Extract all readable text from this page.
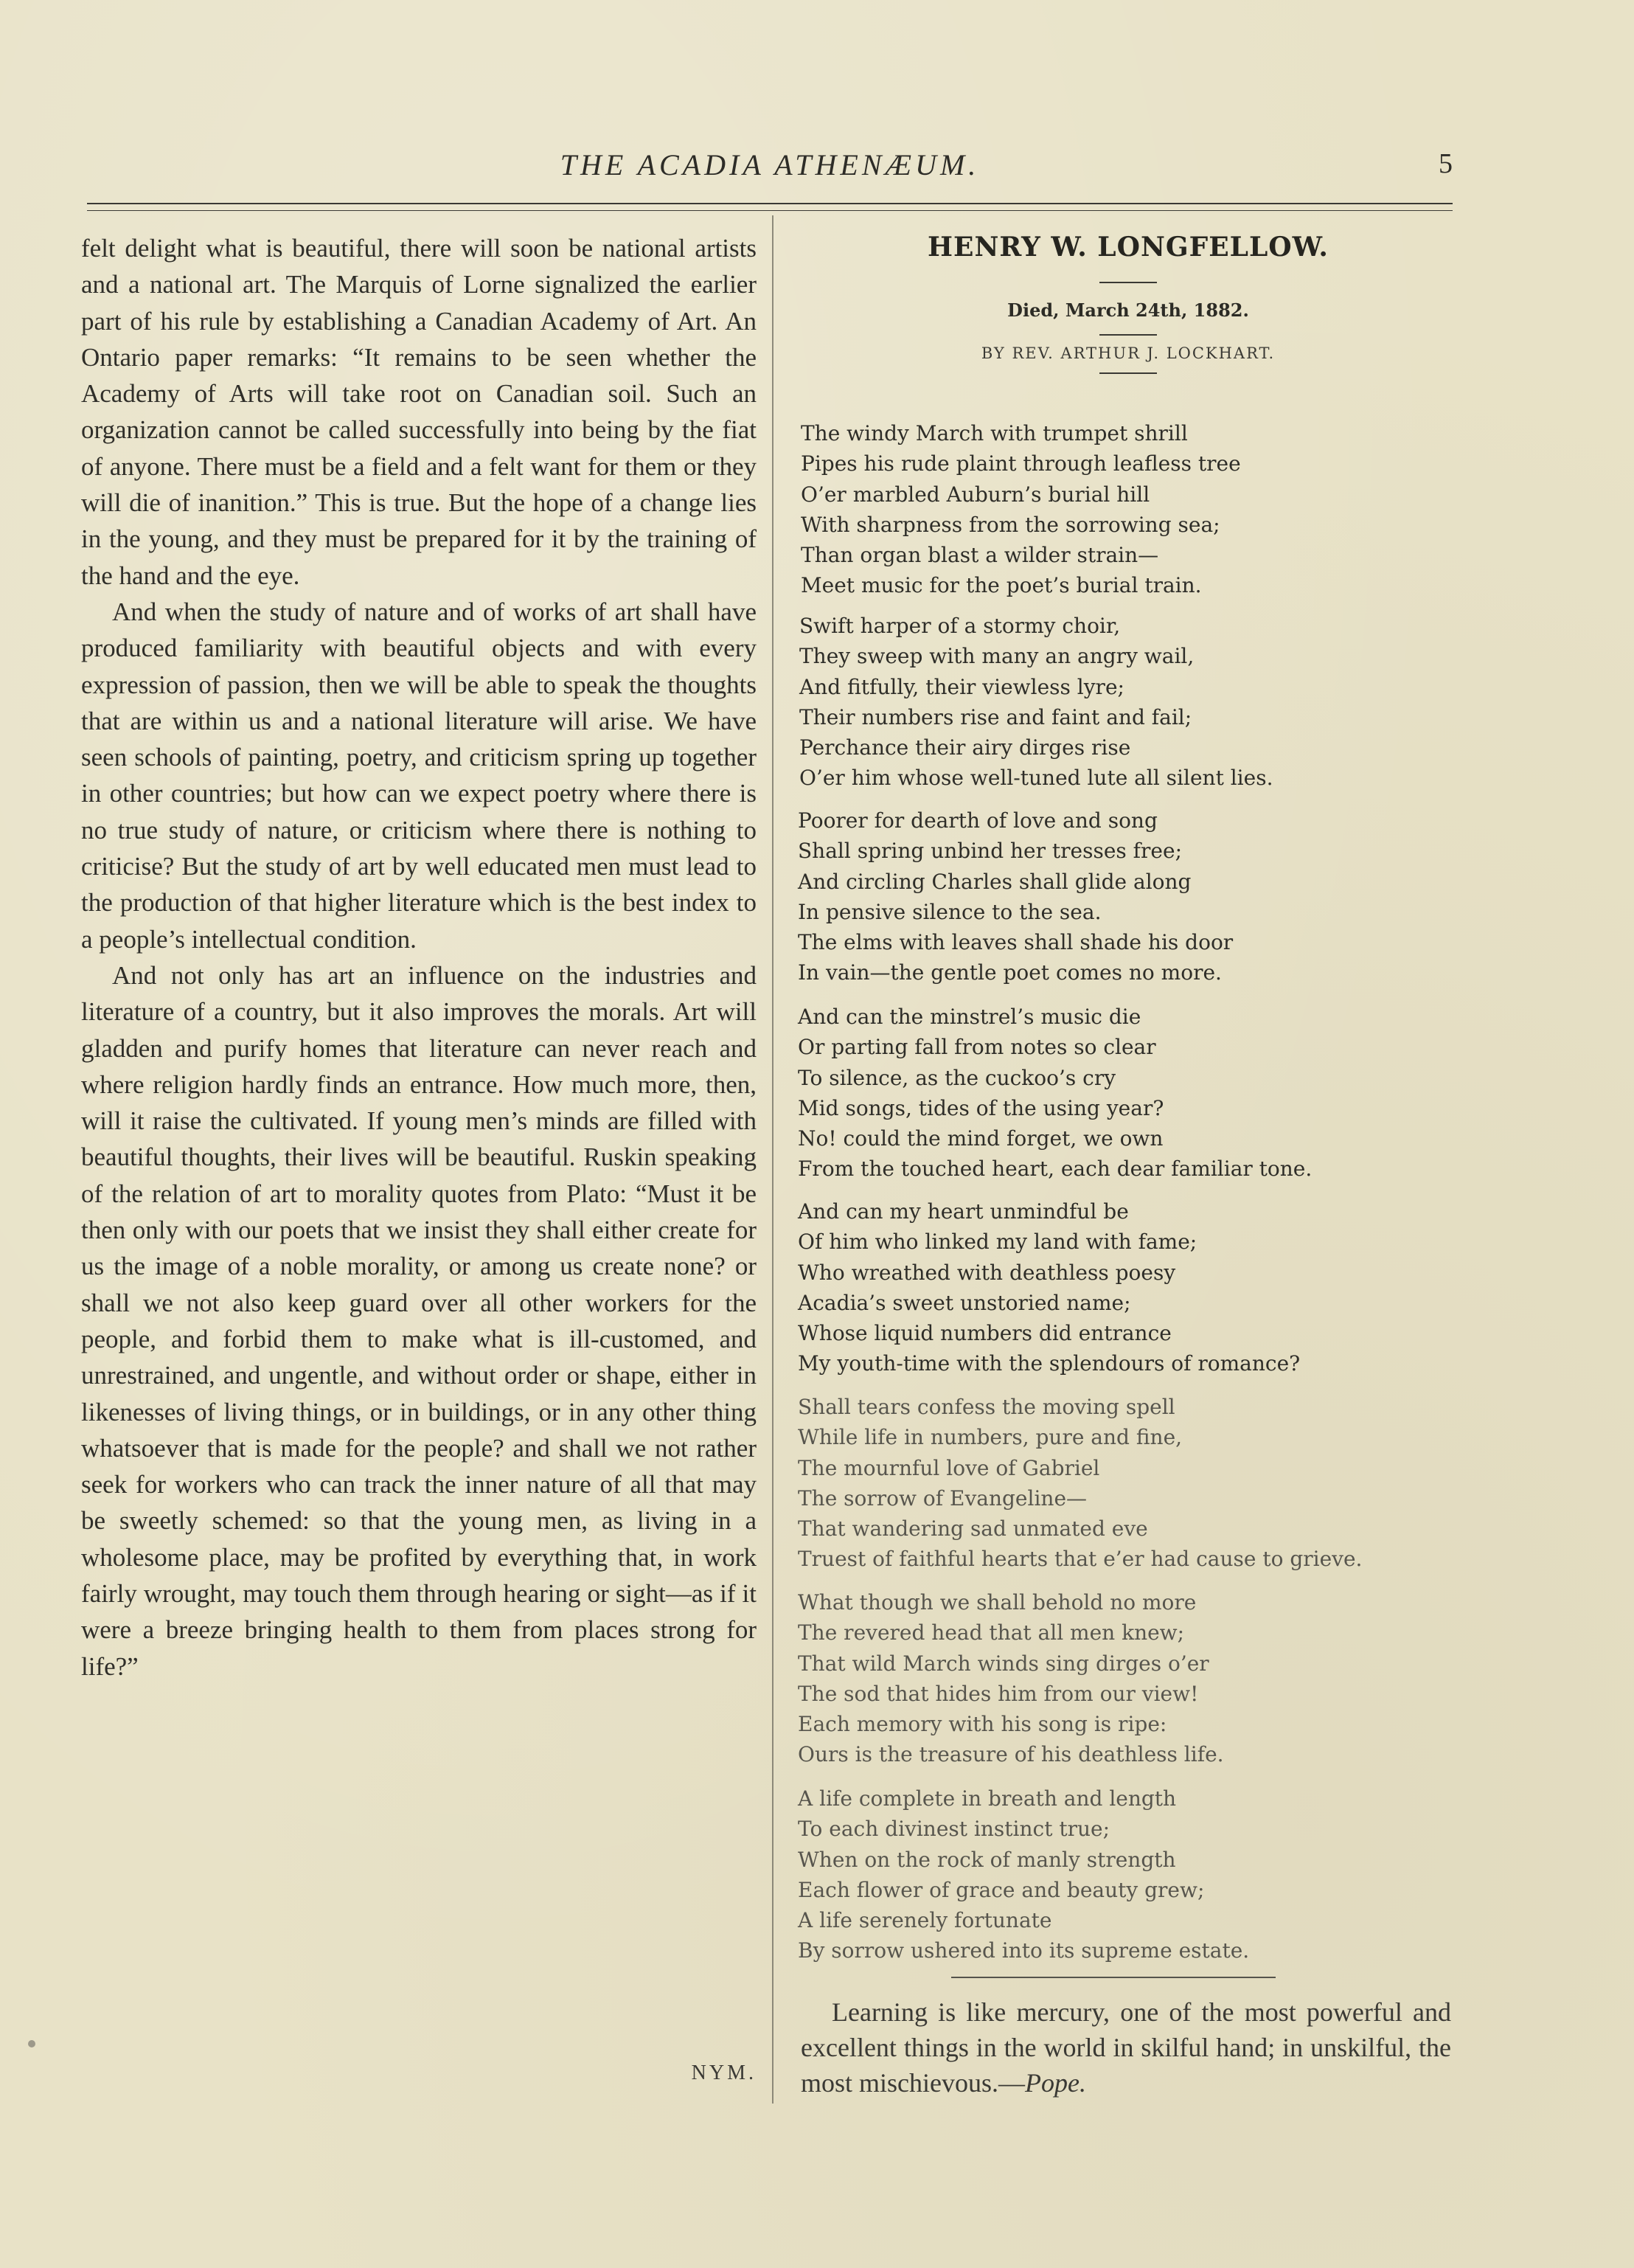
THE ACADIA ATHENÆUM.	5

felt delight what is beautiful, there will soon be national artists and a national art. The Marquis of Lorne signalized the earlier part of his rule by establishing a Canadian Academy of Art. An Ontario paper remarks: “It remains to be seen whether the Academy of Arts will take root on Canadian soil. Such an organization cannot be called successfully into being by the fiat of anyone. There must be a field and a felt want for them or they will die of inanition.” This is true. But the hope of a change lies in the young, and they must be prepared for it by the training of the hand and the eye.

And when the study of nature and of works of art shall have produced familiarity with beautiful objects and with every expression of passion, then we will be able to speak the thoughts that are within us and a national literature will arise. We have seen schools of painting, poetry, and criticism spring up together in other countries; but how can we expect poetry where there is no true study of nature, or criticism where there is nothing to criticise? But the study of art by well educated men must lead to the production of that higher literature which is the best index to a people’s intellectual condition.

And not only has art an influence on the industries and literature of a country, but it also improves the morals. Art will gladden and purify homes that literature can never reach and where religion hardly finds an entrance. How much more, then, will it raise the cultivated. If young men’s minds are filled with beautiful thoughts, their lives will be beautiful. Ruskin speaking of the relation of art to morality quotes from Plato: “Must it be then only with our poets that we insist they shall either create for us the image of a noble morality, or among us create none? or shall we not also keep guard over all other workers for the people, and forbid them to make what is ill-customed, and unrestrained, and ungentle, and without order or shape, either in likenesses of living things, or in buildings, or in any other thing whatsoever that is made for the people? and shall we not rather seek for workers who can track the inner nature of all that may be sweetly schemed: so that the young men, as living in a wholesome place, may be profited by everything that, in work fairly wrought, may touch them through hearing or sight—as if it were a breeze bringing health to them from places strong for life?”

NYM.

HENRY W. LONGFELLOW.

Died, March 24th, 1882.

BY REV. ARTHUR J. LOCKHART.

The windy March with trumpet shrill
Pipes his rude plaint through leafless tree
O’er marbled Auburn’s burial hill
With sharpness from the sorrowing sea;
Than organ blast a wilder strain—
Meet music for the poet’s burial train.
Swift harper of a stormy choir,
They sweep with many an angry wail,
And fitfully, their viewless lyre;
Their numbers rise and faint and fail;
Perchance their airy dirges rise
O’er him whose well-tuned lute all silent lies.
Poorer for dearth of love and song
Shall spring unbind her tresses free;
And circling Charles shall glide along
In pensive silence to the sea.
The elms with leaves shall shade his door
In vain—the gentle poet comes no more.
And can the minstrel’s music die
Or parting fall from notes so clear
To silence, as the cuckoo’s cry
Mid songs, tides of the using year?
No! could the mind forget, we own
From the touched heart, each dear familiar tone.
And can my heart unmindful be
Of him who linked my land with fame;
Who wreathed with deathless poesy
Acadia’s sweet unstoried name;
Whose liquid numbers did entrance
My youth-time with the splendours of romance?
Shall tears confess the moving spell
While life in numbers, pure and fine,
The mournful love of Gabriel
The sorrow of Evangeline—
That wandering sad unmated eve
Truest of faithful hearts that e’er had cause to grieve.
What though we shall behold no more
The revered head that all men knew;
That wild March winds sing dirges o’er
The sod that hides him from our view!
Each memory with his song is ripe:
Ours is the treasure of his deathless life.
A life complete in breath and length
To each divinest instinct true;
When on the rock of manly strength
Each flower of grace and beauty grew;
A life serenely fortunate
By sorrow ushered into its supreme estate.
Learning is like mercury, one of the most powerful and excellent things in the world in skilful hand; in unskilful, the most mischievous.—Pope.
